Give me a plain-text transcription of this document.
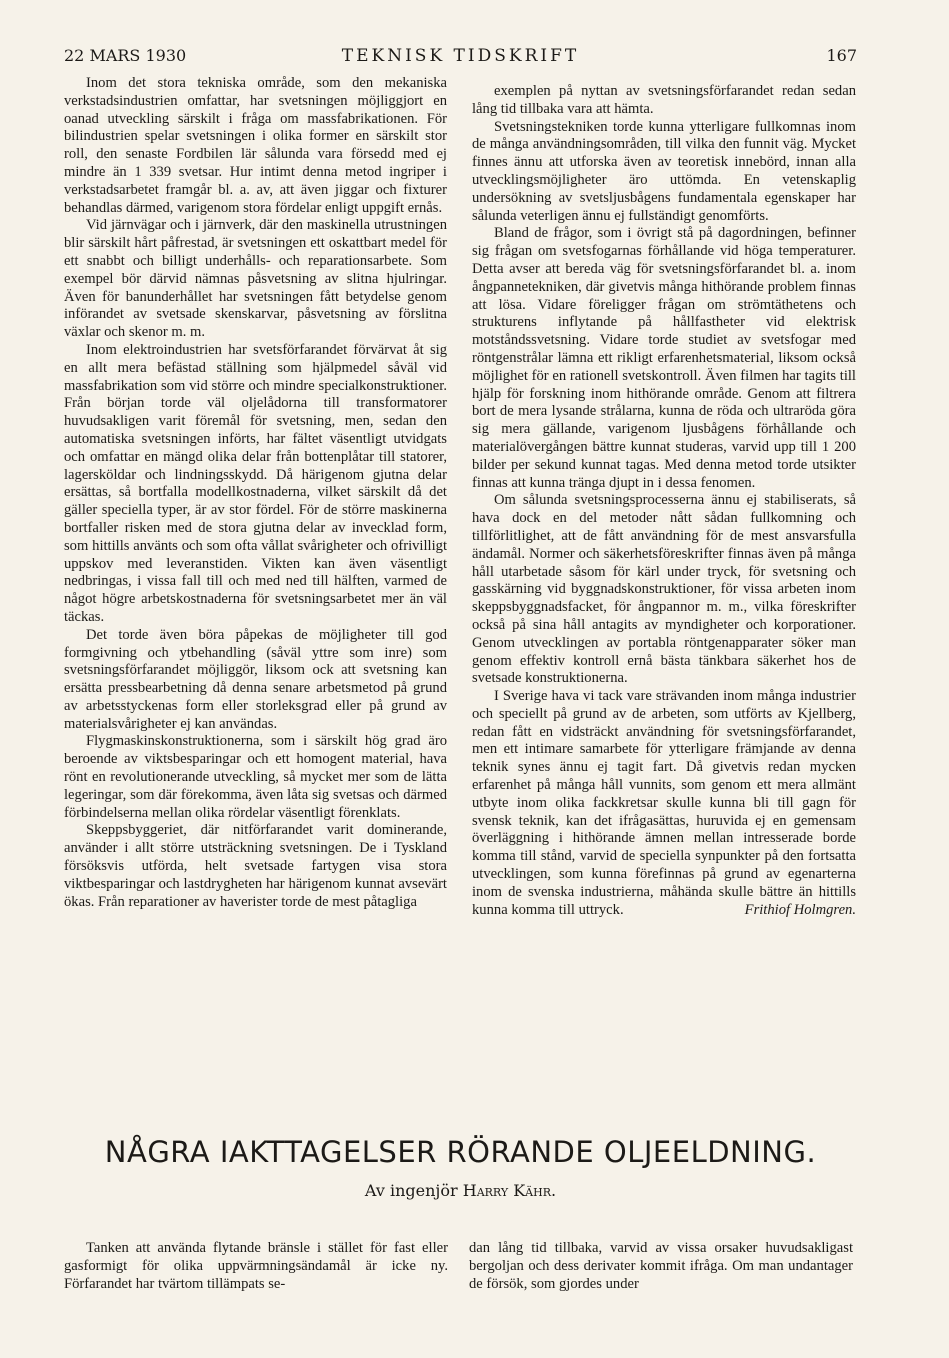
22 MARS 1930	TEKNISK TIDSKRIFT	167

Inom det stora tekniska område, som den mekaniska verkstadsindustrien omfattar, har svetsningen möjliggjort en oanad utveckling särskilt i fråga om massfabrikationen. För bilindustrien spelar svetsningen i olika former en särskilt stor roll, den senaste Fordbilen lär sålunda vara försedd med ej mindre än 1 339 svetsar. Hur intimt denna metod ingriper i verkstadsarbetet framgår bl. a. av, att även jiggar och fixturer behandlas därmed, varigenom stora fördelar enligt uppgift ernås.

Vid järnvägar och i järnverk, där den maskinella utrustningen blir särskilt hårt påfrestad, är svetsningen ett oskattbart medel för ett snabbt och billigt underhålls- och reparationsarbete. Som exempel bör därvid nämnas påsvetsning av slitna hjulringar. Även för banunderhållet har svetsningen fått betydelse genom införandet av svetsade skenskarvar, påsvetsning av förslitna växlar och skenor m. m.

Inom elektroindustrien har svetsförfarandet förvärvat åt sig en allt mera befästad ställning som hjälpmedel såväl vid massfabrikation som vid större och mindre specialkonstruktioner. Från början torde väl oljelådorna till transformatorer huvudsakligen varit föremål för svetsning, men, sedan den automatiska svetsningen införts, har fältet väsentligt utvidgats och omfattar en mängd olika delar från bottenplåtar till statorer, lagersköldar och lindningsskydd. Då härigenom gjutna delar ersättas, så bortfalla modellkostnaderna, vilket särskilt då det gäller speciella typer, är av stor fördel. För de större maskinerna bortfaller risken med de stora gjutna delar av invecklad form, som hittills använts och som ofta vållat svårigheter och ofrivilligt uppskov med leveranstiden. Vikten kan även väsentligt nedbringas, i vissa fall till och med ned till hälften, varmed de något högre arbetskostnaderna för svetsningsarbetet mer än väl täckas.

Det torde även böra påpekas de möjligheter till god formgivning och ytbehandling (såväl yttre som inre) som svetsningsförfarandet möjliggör, liksom ock att svetsning kan ersätta pressbearbetning då denna senare arbetsmetod på grund av arbetsstyckenas form eller storleksgrad eller på grund av materialsvårigheter ej kan användas.

Flygmaskinskonstruktionerna, som i särskilt hög grad äro beroende av viktsbesparingar och ett homogent material, hava rönt en revolutionerande utveckling, så mycket mer som de lätta legeringar, som där förekomma, även låta sig svetsas och därmed förbindelserna mellan olika rördelar väsentligt förenklats.

Skeppsbyggeriet, där nitförfarandet varit dominerande, använder i allt större utsträckning svetsningen. De i Tyskland försöksvis utförda, helt svetsade fartygen visa stora viktbesparingar och lastdrygheten har härigenom kunnat avsevärt ökas. Från reparationer av haverister torde de mest påtagliga

exemplen på nyttan av svetsningsförfarandet redan sedan lång tid tillbaka vara att hämta.

Svetsningstekniken torde kunna ytterligare fullkomnas inom de många användningsområden, till vilka den funnit väg. Mycket finnes ännu att utforska även av teoretisk innebörd, innan alla utvecklingsmöjligheter äro uttömda. En vetenskaplig undersökning av svetsljusbågens fundamentala egenskaper har sålunda veterligen ännu ej fullständigt genomförts.

Bland de frågor, som i övrigt stå på dagordningen, befinner sig frågan om svetsfogarnas förhållande vid höga temperaturer. Detta avser att bereda väg för svetsningsförfarandet bl. a. inom ångpannetekniken, där givetvis många hithörande problem finnas att lösa. Vidare föreligger frågan om strömtäthetens och strukturens inflytande på hållfastheter vid elektrisk motståndssvetsning. Vidare torde studiet av svetsfogar med röntgenstrålar lämna ett rikligt erfarenhetsmaterial, liksom också möjlighet för en rationell svetskontroll. Även filmen har tagits till hjälp för forskning inom hithörande område. Genom att filtrera bort de mera lysande strålarna, kunna de röda och ultraröda göra sig mera gällande, varigenom ljusbågens förhållande och materialövergången bättre kunnat studeras, varvid upp till 1 200 bilder per sekund kunnat tagas. Med denna metod torde utsikter finnas att kunna tränga djupt in i dessa fenomen.

Om sålunda svetsningsprocesserna ännu ej stabiliserats, så hava dock en del metoder nått sådan fullkomning och tillförlitlighet, att de fått användning för de mest ansvarsfulla ändamål. Normer och säkerhetsföreskrifter finnas även på många håll utarbetade såsom för kärl under tryck, för svetsning och gasskärning vid byggnadskonstruktioner, för vissa arbeten inom skeppsbyggnadsfacket, för ångpannor m. m., vilka föreskrifter också på sina håll antagits av myndigheter och korporationer. Genom utvecklingen av portabla röntgenapparater söker man genom effektiv kontroll ernå bästa tänkbara säkerhet hos de svetsade konstruktionerna.

I Sverige hava vi tack vare strävanden inom många industrier och speciellt på grund av de arbeten, som utförts av Kjellberg, redan fått en vidsträckt användning för svetsningsförfarandet, men ett intimare samarbete för ytterligare främjande av denna teknik synes ännu ej tagit fart. Då givetvis redan mycken erfarenhet på många håll vunnits, som genom ett mera allmänt utbyte inom olika fackkretsar skulle kunna bli till gagn för svensk teknik, kan det ifrågasättas, huruvida ej en gemensam överläggning i hithörande ämnen mellan intresserade borde komma till stånd, varvid de speciella synpunkter på den fortsatta utvecklingen, som kunna förefinnas på grund av egenarterna inom de svenska industrierna, måhända skulle bättre än hittills kunna komma till uttryck.	Frithiof Holmgren.

NÅGRA IAKTTAGELSER RÖRANDE OLJEELDNING.
Av ingenjör Harry Kähr.

Tanken att använda flytande bränsle i stället för fast eller gasformigt för olika uppvärmningsändamål är icke ny. Förfarandet har tvärtom tillämpats se-

dan lång tid tillbaka, varvid av vissa orsaker huvudsakligast bergoljan och dess derivater kommit ifråga. Om man undantager de försök, som gjordes under
